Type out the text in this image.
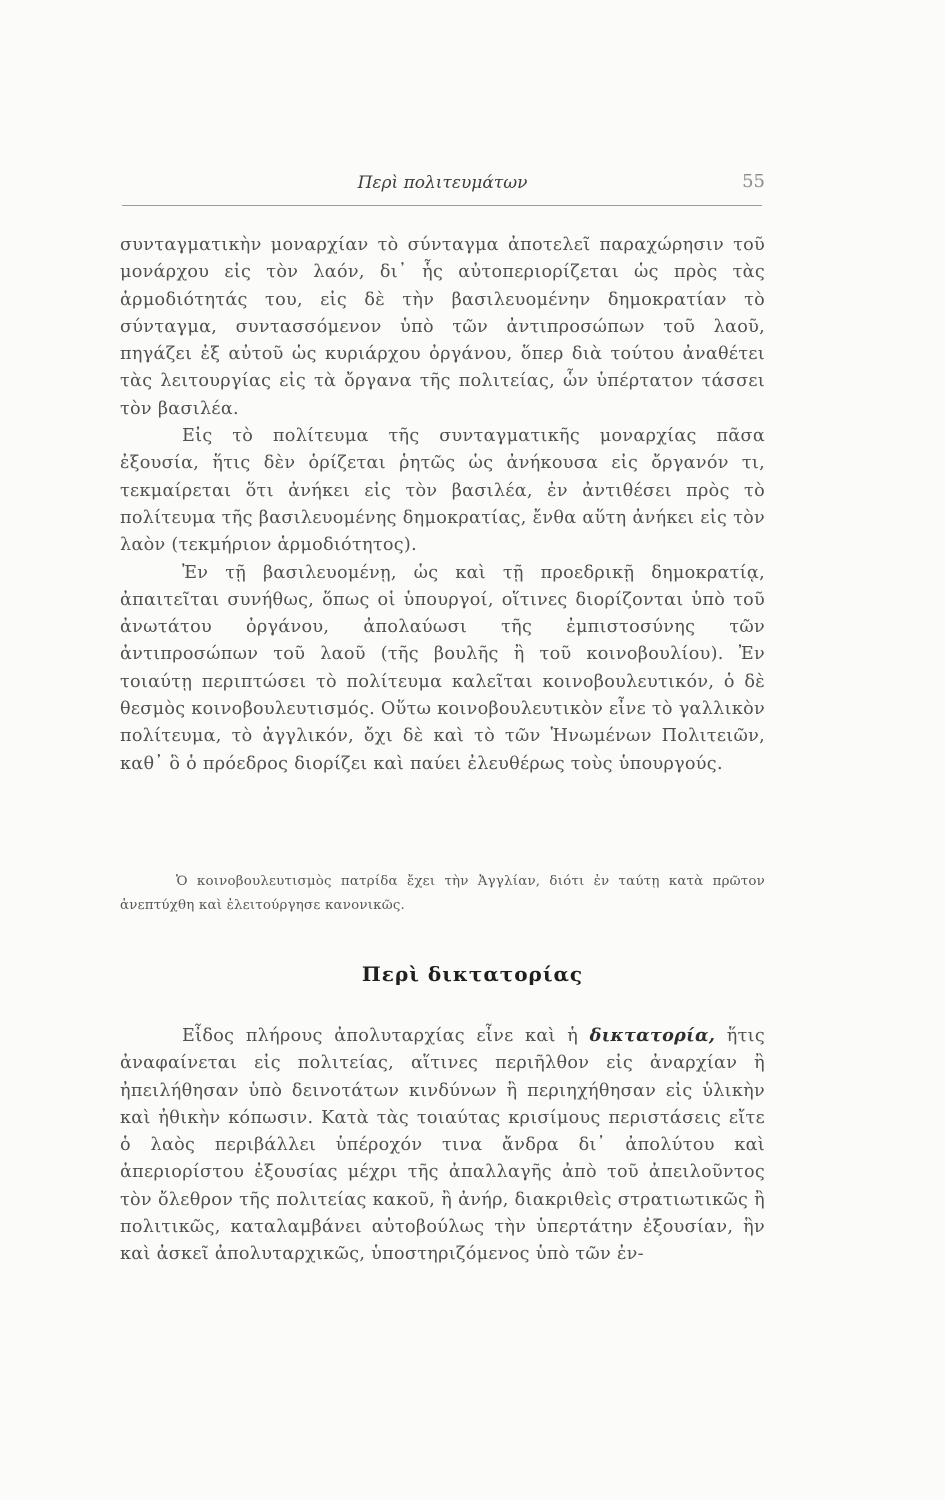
Περὶ πολιτευμάτων	55

συνταγματικὴν μοναρχίαν τὸ σύνταγμα ἀποτελεῖ παραχώρησιν τοῦ μονάρχου εἰς τὸν λαόν, δι᾿ ἧς αὐτοπεριορίζεται ὡς πρὸς τὰς ἁρμοδιότητάς του, εἰς δὲ τὴν βασιλευομένην δημοκρατίαν τὸ σύνταγμα, συντασσόμενον ὑπὸ τῶν ἀντιπροσώπων τοῦ λαοῦ, πηγάζει ἐξ αὐτοῦ ὡς κυριάρχου ὀργάνου, ὅπερ διὰ τούτου ἀναθέτει τὰς λειτουργίας εἰς τὰ ὄργανα τῆς πολιτείας, ὧν ὑπέρτατον τάσσει τὸν βασιλέα.

Εἰς τὸ πολίτευμα τῆς συνταγματικῆς μοναρχίας πᾶσα ἐξουσία, ἥτις δὲν ὁρίζεται ῥητῶς ὡς ἀνήκουσα εἰς ὄργανόν τι, τεκμαίρεται ὅτι ἀνήκει εἰς τὸν βασιλέα, ἐν ἀντιθέσει πρὸς τὸ πολίτευμα τῆς βασιλευομένης δημοκρατίας, ἔνθα αὕτη ἀνήκει εἰς τὸν λαὸν (τεκμήριον ἁρμοδιότητος).

Ἐν τῇ βασιλευομένῃ, ὡς καὶ τῇ προεδρικῇ δημοκρατίᾳ, ἀπαιτεῖται συνήθως, ὅπως οἱ ὑπουργοί, οἵτινες διορίζονται ὑπὸ τοῦ ἀνωτάτου ὀργάνου, ἀπολαύωσι τῆς ἐμπιστοσύνης τῶν ἀντιπροσώπων τοῦ λαοῦ (τῆς βουλῆς ἢ τοῦ κοινοβουλίου). Ἐν τοιαύτῃ περιπτώσει τὸ πολίτευμα καλεῖται κοινοβουλευτικόν, ὁ δὲ θεσμὸς κοινοβουλευτισμός. Οὕτω κοινοβουλευτικὸν εἶνε τὸ γαλλικὸν πολίτευμα, τὸ ἀγγλικόν, ὄχι δὲ καὶ τὸ τῶν Ἡνωμένων Πολιτειῶν, καθ᾿ ὃ ὁ πρόεδρος διορίζει καὶ παύει ἐλευθέρως τοὺς ὑπουργούς.

Ὁ κοινοβουλευτισμὸς πατρίδα ἔχει τὴν Ἀγγλίαν, διότι ἐν ταύτῃ κατὰ πρῶτον ἀνεπτύχθη καὶ ἐλειτούργησε κανονικῶς.
Περὶ δικτατορίας

Εἶδος πλήρους ἀπολυταρχίας εἶνε καὶ ἡ δικτατορία, ἥτις ἀναφαίνεται εἰς πολιτείας, αἵτινες περιῆλθον εἰς ἀναρχίαν ἢ ἠπειλήθησαν ὑπὸ δεινοτάτων κινδύνων ἢ περιηχήθησαν εἰς ὑλικὴν καὶ ἠθικὴν κόπωσιν. Κατὰ τὰς τοιαύτας κρισίμους περιστάσεις εἴτε ὁ λαὸς περιβάλλει ὑπέροχόν τινα ἄνδρα δι᾿ ἀπολύτου καὶ ἀπεριορίστου ἐξουσίας μέχρι τῆς ἀπαλλαγῆς ἀπὸ τοῦ ἀπειλοῦντος τὸν ὄλεθρον τῆς πολιτείας κακοῦ, ἢ ἀνήρ, διακριθεὶς στρατιωτικῶς ἢ πολιτικῶς, καταλαμβάνει αὐτοβούλως τὴν ὑπερτάτην ἐξουσίαν, ἣν καὶ ἀσκεῖ ἀπολυταρχικῶς, ὑποστηριζόμενος ὑπὸ τῶν ἐν-
